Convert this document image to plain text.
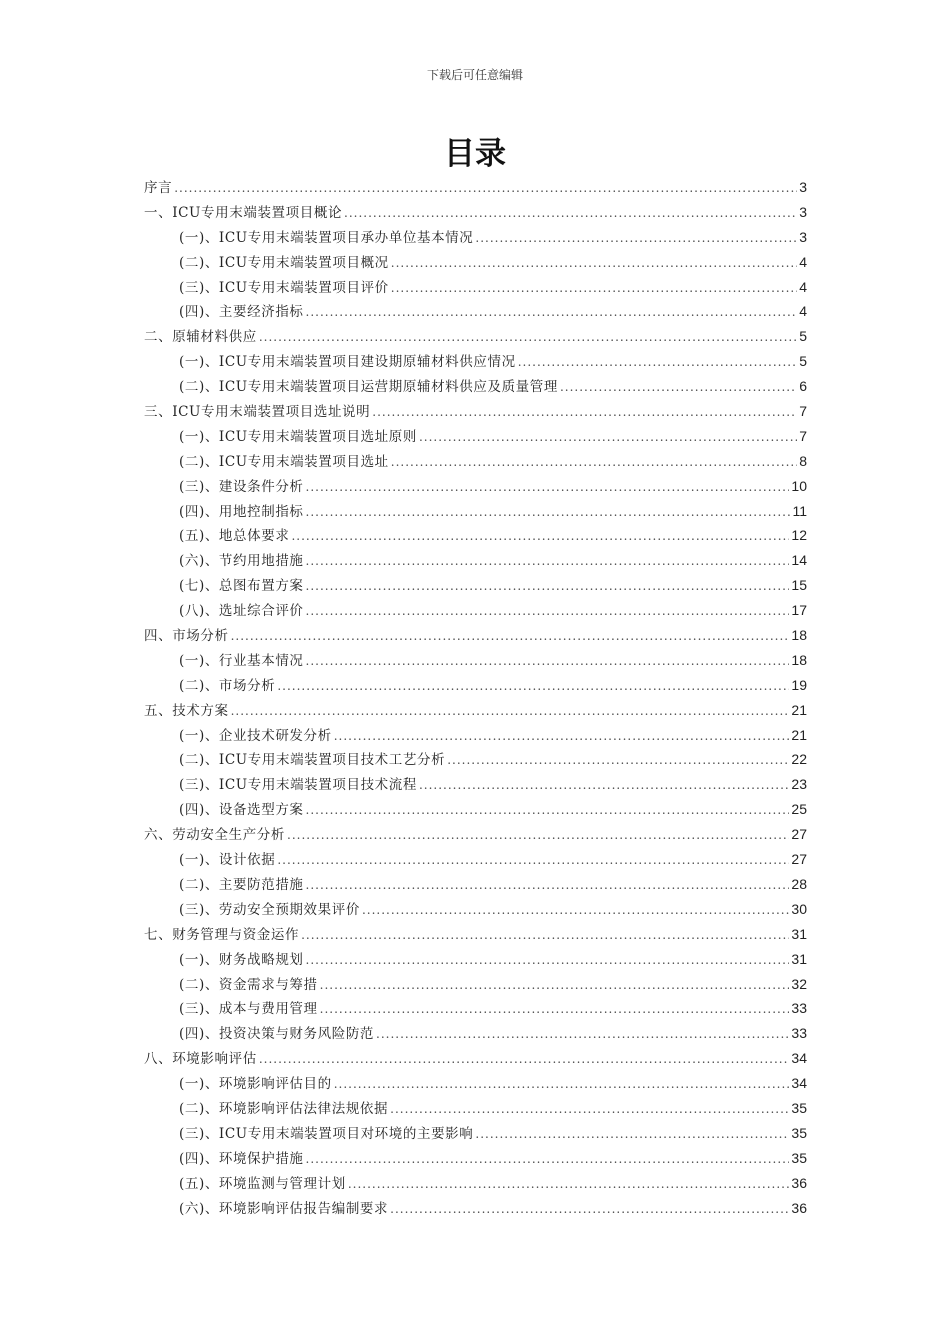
下载后可任意编辑
目录
序言 .....	3
一、ICU专用末端装置项目概论 .....	3
(一)、ICU专用末端装置项目承办单位基本情况 .....	3
(二)、ICU专用末端装置项目概况 .....	4
(三)、ICU专用末端装置项目评价 .....	4
(四)、主要经济指标 .....	4
二、原辅材料供应 .....	5
(一)、ICU专用末端装置项目建设期原辅材料供应情况 .....	5
(二)、ICU专用末端装置项目运营期原辅材料供应及质量管理 .....	6
三、ICU专用末端装置项目选址说明 .....	7
(一)、ICU专用末端装置项目选址原则 .....	7
(二)、ICU专用末端装置项目选址 .....	8
(三)、建设条件分析 .....	10
(四)、用地控制指标 .....	11
(五)、地总体要求 .....	12
(六)、节约用地措施 .....	14
(七)、总图布置方案 .....	15
(八)、选址综合评价 .....	17
四、市场分析 .....	18
(一)、行业基本情况 .....	18
(二)、市场分析 .....	19
五、技术方案 .....	21
(一)、企业技术研发分析 .....	21
(二)、ICU专用末端装置项目技术工艺分析 .....	22
(三)、ICU专用末端装置项目技术流程 .....	23
(四)、设备选型方案 .....	25
六、劳动安全生产分析 .....	27
(一)、设计依据 .....	27
(二)、主要防范措施 .....	28
(三)、劳动安全预期效果评价 .....	30
七、财务管理与资金运作 .....	31
(一)、财务战略规划 .....	31
(二)、资金需求与筹措 .....	32
(三)、成本与费用管理 .....	33
(四)、投资决策与财务风险防范 .....	33
八、环境影响评估 .....	34
(一)、环境影响评估目的 .....	34
(二)、环境影响评估法律法规依据 .....	35
(三)、ICU专用末端装置项目对环境的主要影响 .....	35
(四)、环境保护措施 .....	35
(五)、环境监测与管理计划 .....	36
(六)、环境影响评估报告编制要求 .....	36
